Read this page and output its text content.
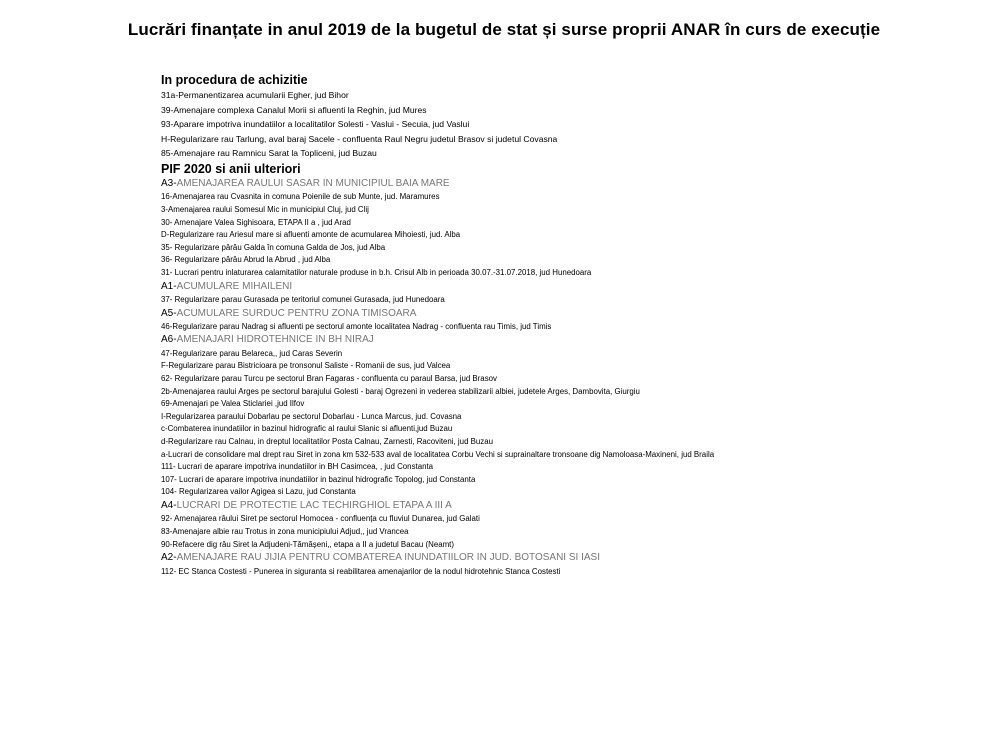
Lucrări finanțate in anul 2019 de la bugetul de stat și surse proprii ANAR în curs de execuție
In procedura de achizitie
31a-Permanentizarea acumularii Egher, jud Bihor
39-Amenajare complexa Canalul Morii si afluenti la Reghin, jud Mures
93-Aparare impotriva inundatiilor a localitatilor Solesti - Vaslui - Secuia, jud Vaslui
H-Regularizare rau Tarlung, aval baraj Sacele - confluenta Raul Negru judetul Brasov si judetul Covasna
85-Amenajare rau Ramnicu Sarat la Topliceni, jud Buzau
PIF 2020 si anii ulteriori
A3-AMENAJAREA RAULUI SASAR IN MUNICIPIUL BAIA MARE
16-Amenajarea rau Cvasnita in comuna Poienile de sub Munte, jud. Maramures
3-Amenajarea raului Somesul Mic in municipiul Cluj, jud Clij
30- Amenajare Valea Sighisoara, ETAPA II a , jud Arad
D-Regularizare rau Ariesul mare si afluenti amonte de acumularea Mihoiesti, jud. Alba
35- Regularizare pârâu Galda în comuna Galda de Jos, jud Alba
36- Regularizare pârâu Abrud la Abrud , jud Alba
31- Lucrari pentru inlaturarea calamitatilor naturale produse in b.h. Crisul Alb in perioada 30.07.-31.07.2018, jud Hunedoara
A1-ACUMULARE MIHAILENI
37- Regularizare parau Gurasada pe teritoriul comunei Gurasada, jud Hunedoara
A5-ACUMULARE SURDUC PENTRU ZONA TIMISOARA
46-Regularizare parau Nadrag si afluenti pe sectorul amonte localitatea Nadrag - confluenta rau Timis, jud Timis
A6-AMENAJARI HIDROTEHNICE IN BH NIRAJ
47-Regularizare parau Belareca,, jud Caras Severin
F-Regularizare parau Bistricioara pe tronsonul Saliste - Romanii de sus, jud Valcea
62- Regularizare parau Turcu pe sectorul Bran Fagaras - confluenta cu paraul Barsa, jud Brasov
2b-Amenajarea raului Arges pe sectorul barajului Golesti - baraj Ogrezeni in vederea stabilizarii albiei, judetele Arges, Dambovita, Giurgiu
69-Amenajari pe Valea Sticlariei ,jud Ilfov
I-Regularizarea paraului Dobarlau pe sectorul Dobarlau - Lunca Marcus, jud. Covasna
c-Combaterea inundatiilor in bazinul hidrografic al raului Slanic si afluenti,jud Buzau
d-Regularizare rau Calnau, in dreptul localitatilor Posta Calnau, Zarnesti, Racoviteni, jud Buzau
a-Lucrari de consolidare mal drept rau Siret in zona km 532-533 aval de localitatea Corbu Vechi si suprainaltare tronsoane dig Namoloasa-Maxineni, jud Braila
111- Lucrari de aparare impotriva inundatiilor in BH Casimcea, , jud Constanta
107- Lucrari de aparare impotriva inundatiilor in bazinul hidrografic Topolog, jud Constanta
104- Regularizarea vailor Agigea si Lazu, jud Constanta
A4-LUCRARI DE PROTECTIE LAC TECHIRGHIOL ETAPA A III A
92- Amenajarea râului Siret pe sectorul Homocea - confluența cu fluviul Dunarea, jud Galati
83-Amenajare albie rau Trotus in zona municipiului Adjud,, jud Vrancea
90-Refacere dig râu Siret la Adjudeni-Tămășeni,, etapa a II a judetul Bacau (Neamt)
A2-AMENAJARE RAU JIJIA PENTRU COMBATEREA INUNDATIILOR IN JUD. BOTOSANI SI IASI
112- EC Stanca Costesti - Punerea in siguranta si reabilitarea amenajarilor de la nodul hidrotehnic Stanca Costesti
